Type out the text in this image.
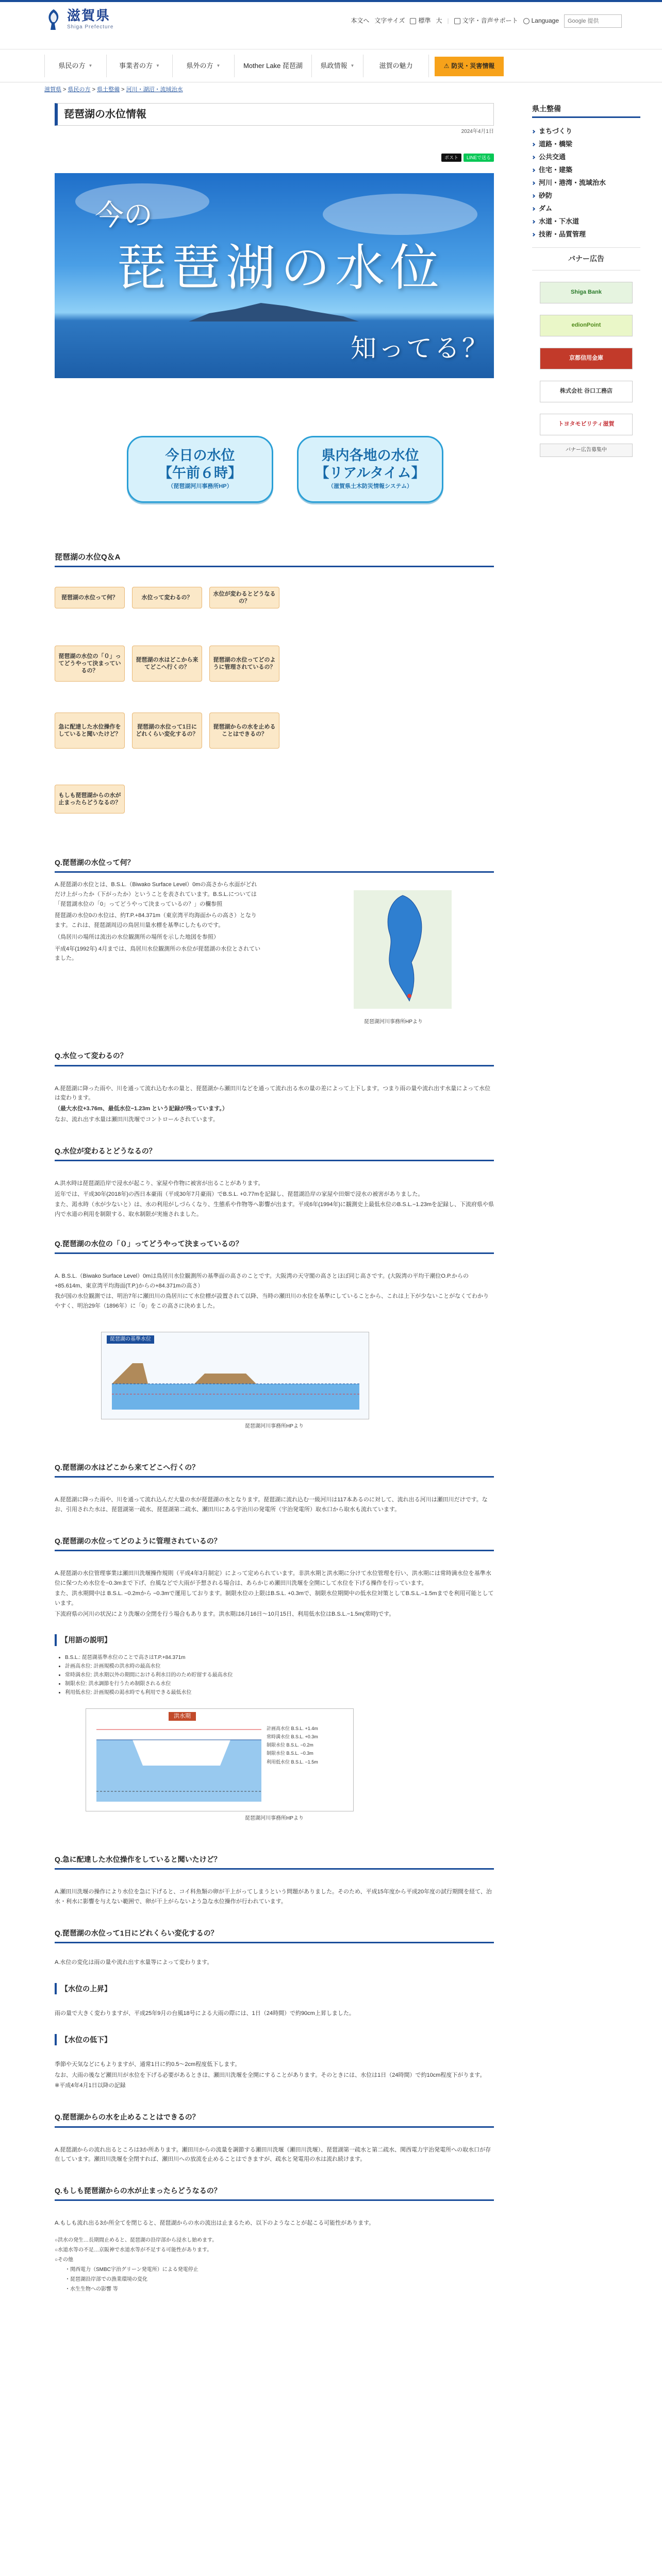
滋賀県
Shiga Prefecture
本文へ 文字サイズ 標準 大 | 文字・音声サポート Language
Google 提供
県民の方 ▼	事業者の方 ▼	県外の方 ▼	Mother Lake 琵琶湖	県政情報 ▼	滋賀の魅力	⚠ 防災・災害情報
滋賀県 > 県民の方 > 県土整備 > 河川・湖沼・流域治水
琵琶湖の水位情報
2024年4月1日
ポスト	LINEで送る
今の
琵琶湖の水位
知ってる？
今日の水位
【午前６時】
（琵琶湖河川事務所HP）
県内各地の水位
【リアルタイム】
（滋賀県土木防災情報システム）
琵琶湖の水位Q＆A
琵琶湖の水位って何？	水位って変わるの？
水位が変わるとどうなるの？
琵琶湖の水位の「０」ってどうやって決まっているの？
琵琶湖の水はどこから来てどこへ行くの？
琵琶湖の水位ってどのように管理されているの？
急に配達した水位操作をしていると聞いたけど？
琵琶湖の水位って1日にどれくらい変化するの？
琵琶湖からの水を止めることはできるの？
もしも琵琶湖からの水が止まったらどうなるの？
Q.琵琶湖の水位って何？

A.琵琶湖の水位とは、B.S.L.（Biwako Surface Level）0mの高さから水面がどれだけ上がったか（下がったか）ということを表されています。B.S.L.については「琵琶湖水位の「0」ってどうやって決まっているの？」の欄参照

琵琶湖の水位0の水位は、約T.P.+84.371m（東京湾平均海面からの高さ）となります。これは、琵琶湖周辺の鳥居川量水標を基準にしたものです。

（鳥居川の場所は流出の水位観測所の場所を示した地図を参照）

平成4年(1992年) 4月までは、鳥居川水位観測所の水位が琵琶湖の水位とされていました。

琵琶湖河川事務所HPより
Q.水位って変わるの？

A.琵琶湖に降った雨や、川を通って流れ込む水の量と、琵琶湖から瀬田川などを通って流れ出る水の量の差によって上下します。つまり雨の量や流れ出す水量によって水位は変わります。

（最大水位+3.76m、最低水位−1.23m という記録が残っています。）

なお、流れ出す水量は瀬田川洗堰でコントロールされています。

Q.水位が変わるとどうなるの？

A.洪水時は琵琶湖沿岸で浸水が起こり、家屋や作物に被害が出ることがあります。

近年では、平成30年(2018年)の西日本豪雨（平成30年7月豪雨）でB.S.L. +0.77mを記録し、琵琶湖沿岸の家屋や田畑で浸水の被害がありました。

また、渇水時（水が少ないと）は、水の利用がしづらくなり、生態系や作物等へ影響が出ます。平成6年(1994年)に観測史上最低水位のB.S.L.−1.23mを記録し、下流府県や県内で水道の利用を制限する、取水制限が実施されました。

Q.琵琶湖の水位の「０」ってどうやって決まっているの？

A. B.S.L.（Biwako Surface Level）0mは鳥居川水位観測所の基準面の高さのことです。大阪湾の天守閣の高さとほぼ同じ高さです。(大阪湾の平均干潮位O.P.からの+85.614m、東京湾平均海面(T.P.)からの+84.371mの高さ）

我が国の水位観測では、明治7年に瀬田川の鳥居川にて水位標が設置されて以降、当時の瀬田川の水位を基準にしていることから、これは上下が少ないことがなくてわかりやすく、明治29年（1896年）に「0」をこの高さに決めました。

琵琶湖の基準水位
琵琶湖河川事務所HPより
Q.琵琶湖の水はどこから来てどこへ行くの？

A.琵琶湖に降った雨や、川を通って流れ込んだ大量の水が琵琶湖の水となります。琵琶湖に流れ込む一級河川は117本あるのに対して、流れ出る河川は瀬田川だけです。なお、引用された水は、琵琶湖第一疏水、琵琶湖第二疏水、瀬田川にある宇治川の発電所（宇治発電所）取水口から取水も流れています。

Q.琵琶湖の水位ってどのように管理されているの？

A.琵琶湖の水位管理事業は瀬田川洗堰操作規則（平成4年3月制定）によって定められています。非洪水期と洪水期に分けて水位管理を行い、洪水期には常時満水位を基準水位に保つため水位を−0.3mまで下げ、台風などで大雨が予想される場合は、あらかじめ瀬田川洗堰を全開にして水位を下げる操作を行っています。

また、洪水期間中は B.S.L. −0.2mから −0.3mで運用しております。制限水位の上限はB.S.L. +0.3mで、制限水位期間中の低水位対策としてB.S.L.−1.5mまでを利用可能としています。

下流府県の河川の状況により洗堰の全閉を行う場合もあります。洪水期は6月16日〜10月15日、利用低水位はB.S.L.−1.5m(常時)です。

【用語の説明】
• B.S.L.: 琵琶湖基準水位のことで高さはT.P.+84.371m
• 計画高水位: 計画規模の洪水時の最高水位
• 常時満水位: 洪水期以外の期間における利水目的のため貯留する最高水位
• 制限水位: 洪水調節を行うため制限される水位
• 利用低水位: 計画規模の渇水時でも利用できる最低水位
洪水期
計画高水位 B.S.L. +1.4m
常時満水位 B.S.L. +0.3m
制限水位 B.S.L. −0.2m
制限水位 B.S.L. −0.3m
利用低水位 B.S.L. −1.5m
琵琶湖河川事務所HPより
Q.急に配達した水位操作をしていると聞いたけど？

A.瀬田川洗堰の操作により水位を急に下げると、コイ科魚類の卵が干上がってしまうという問題がありました。そのため、平成15年度から平成20年度の試行期間を経て、治水・利水に影響を与えない範囲で、卵が干上がらないよう急な水位操作が行われています。

Q.琵琶湖の水位って1日にどれくらい変化するの？

A.水位の変化は雨の量や流れ出す水量等によって変わります。

【水位の上昇】

雨の量で大きく変わりますが、平成25年9月の台風18号による大雨の際には、1日（24時間）で約90cm上昇しました。

【水位の低下】

季節や天気などにもよりますが、通常1日に約0.5〜2cm程度低下します。

なお、大雨の後など瀬田川が水位を下げる必要があるときは、瀬田川洗堰を全開にすることがあります。そのときには、水位は1日（24時間）で約10cm程度下がります。

※平成4年4月1日以降の記録

Q.琵琶湖からの水を止めることはできるの？

A.琵琶湖からの流れ出るところは3か所あります。瀬田川からの流量を調節する瀬田川洗堰（瀬田川洗堰）、琵琶湖第一疏水と第二疏水、関西電力宇治発電所への取水口が存在しています。瀬田川洗堰を全閉すれば、瀬田川への放流を止めることはできますが、疏水と発電用の水は流れ続けます。

Q.もしも琵琶湖からの水が止まったらどうなるの？

A.もしも流れ出る3か所全てを閉じると、琵琶湖からの水の流出は止まるため、以下のようなことが起こる可能性があります。

○洪水の発生…長期間止めると、琵琶湖の沿岸部から浸水し始めます。
○水道水等の不足…京阪神で水道水等が不足する可能性があります。
○その他
・関西電力（SMBC宇治グリーン発電所）による発電停止
・琵琶湖沿岸部での漁業環境の変化
・水生生物への影響 等
県土整備
まちづくり
道路・橋梁
公共交通
住宅・建築
河川・港湾・流域治水
砂防
ダム
水道・下水道
技術・品質管理
バナー広告
Shiga Bank
edionPoint
京都信用金庫
株式会社 谷口工務店
トヨタモビリティ滋賀
バナー広告募集中
